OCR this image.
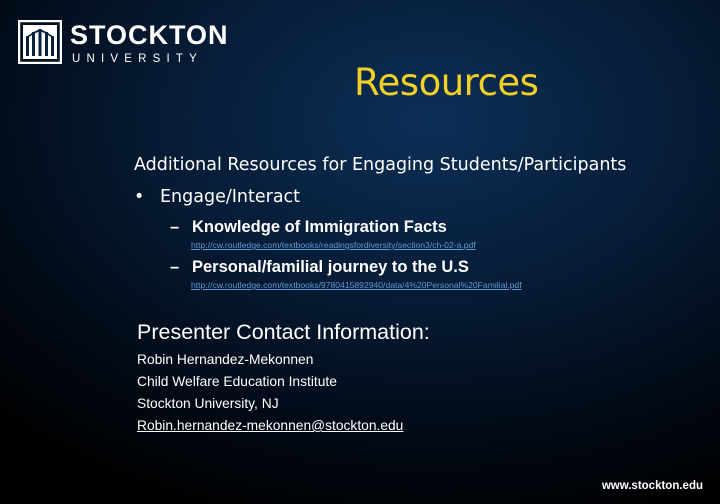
STOCKTON
UNIVERSITY
Resources
Additional Resources for Engaging Students/Participants
• Engage/Interact
– Knowledge of Immigration Facts
http://cw.routledge.com/textbooks/readingsfordiversity/section3/ch-02-a.pdf
– Personal/familial journey to the U.S
http://cw.routledge.com/textbooks/9780415892940/data/4%20Personal%20Familial.pdf
Presenter Contact Information:
Robin Hernandez-Mekonnen
Child Welfare Education Institute
Stockton University, NJ
Robin.hernandez-mekonnen@stockton.edu
www.stockton.edu
